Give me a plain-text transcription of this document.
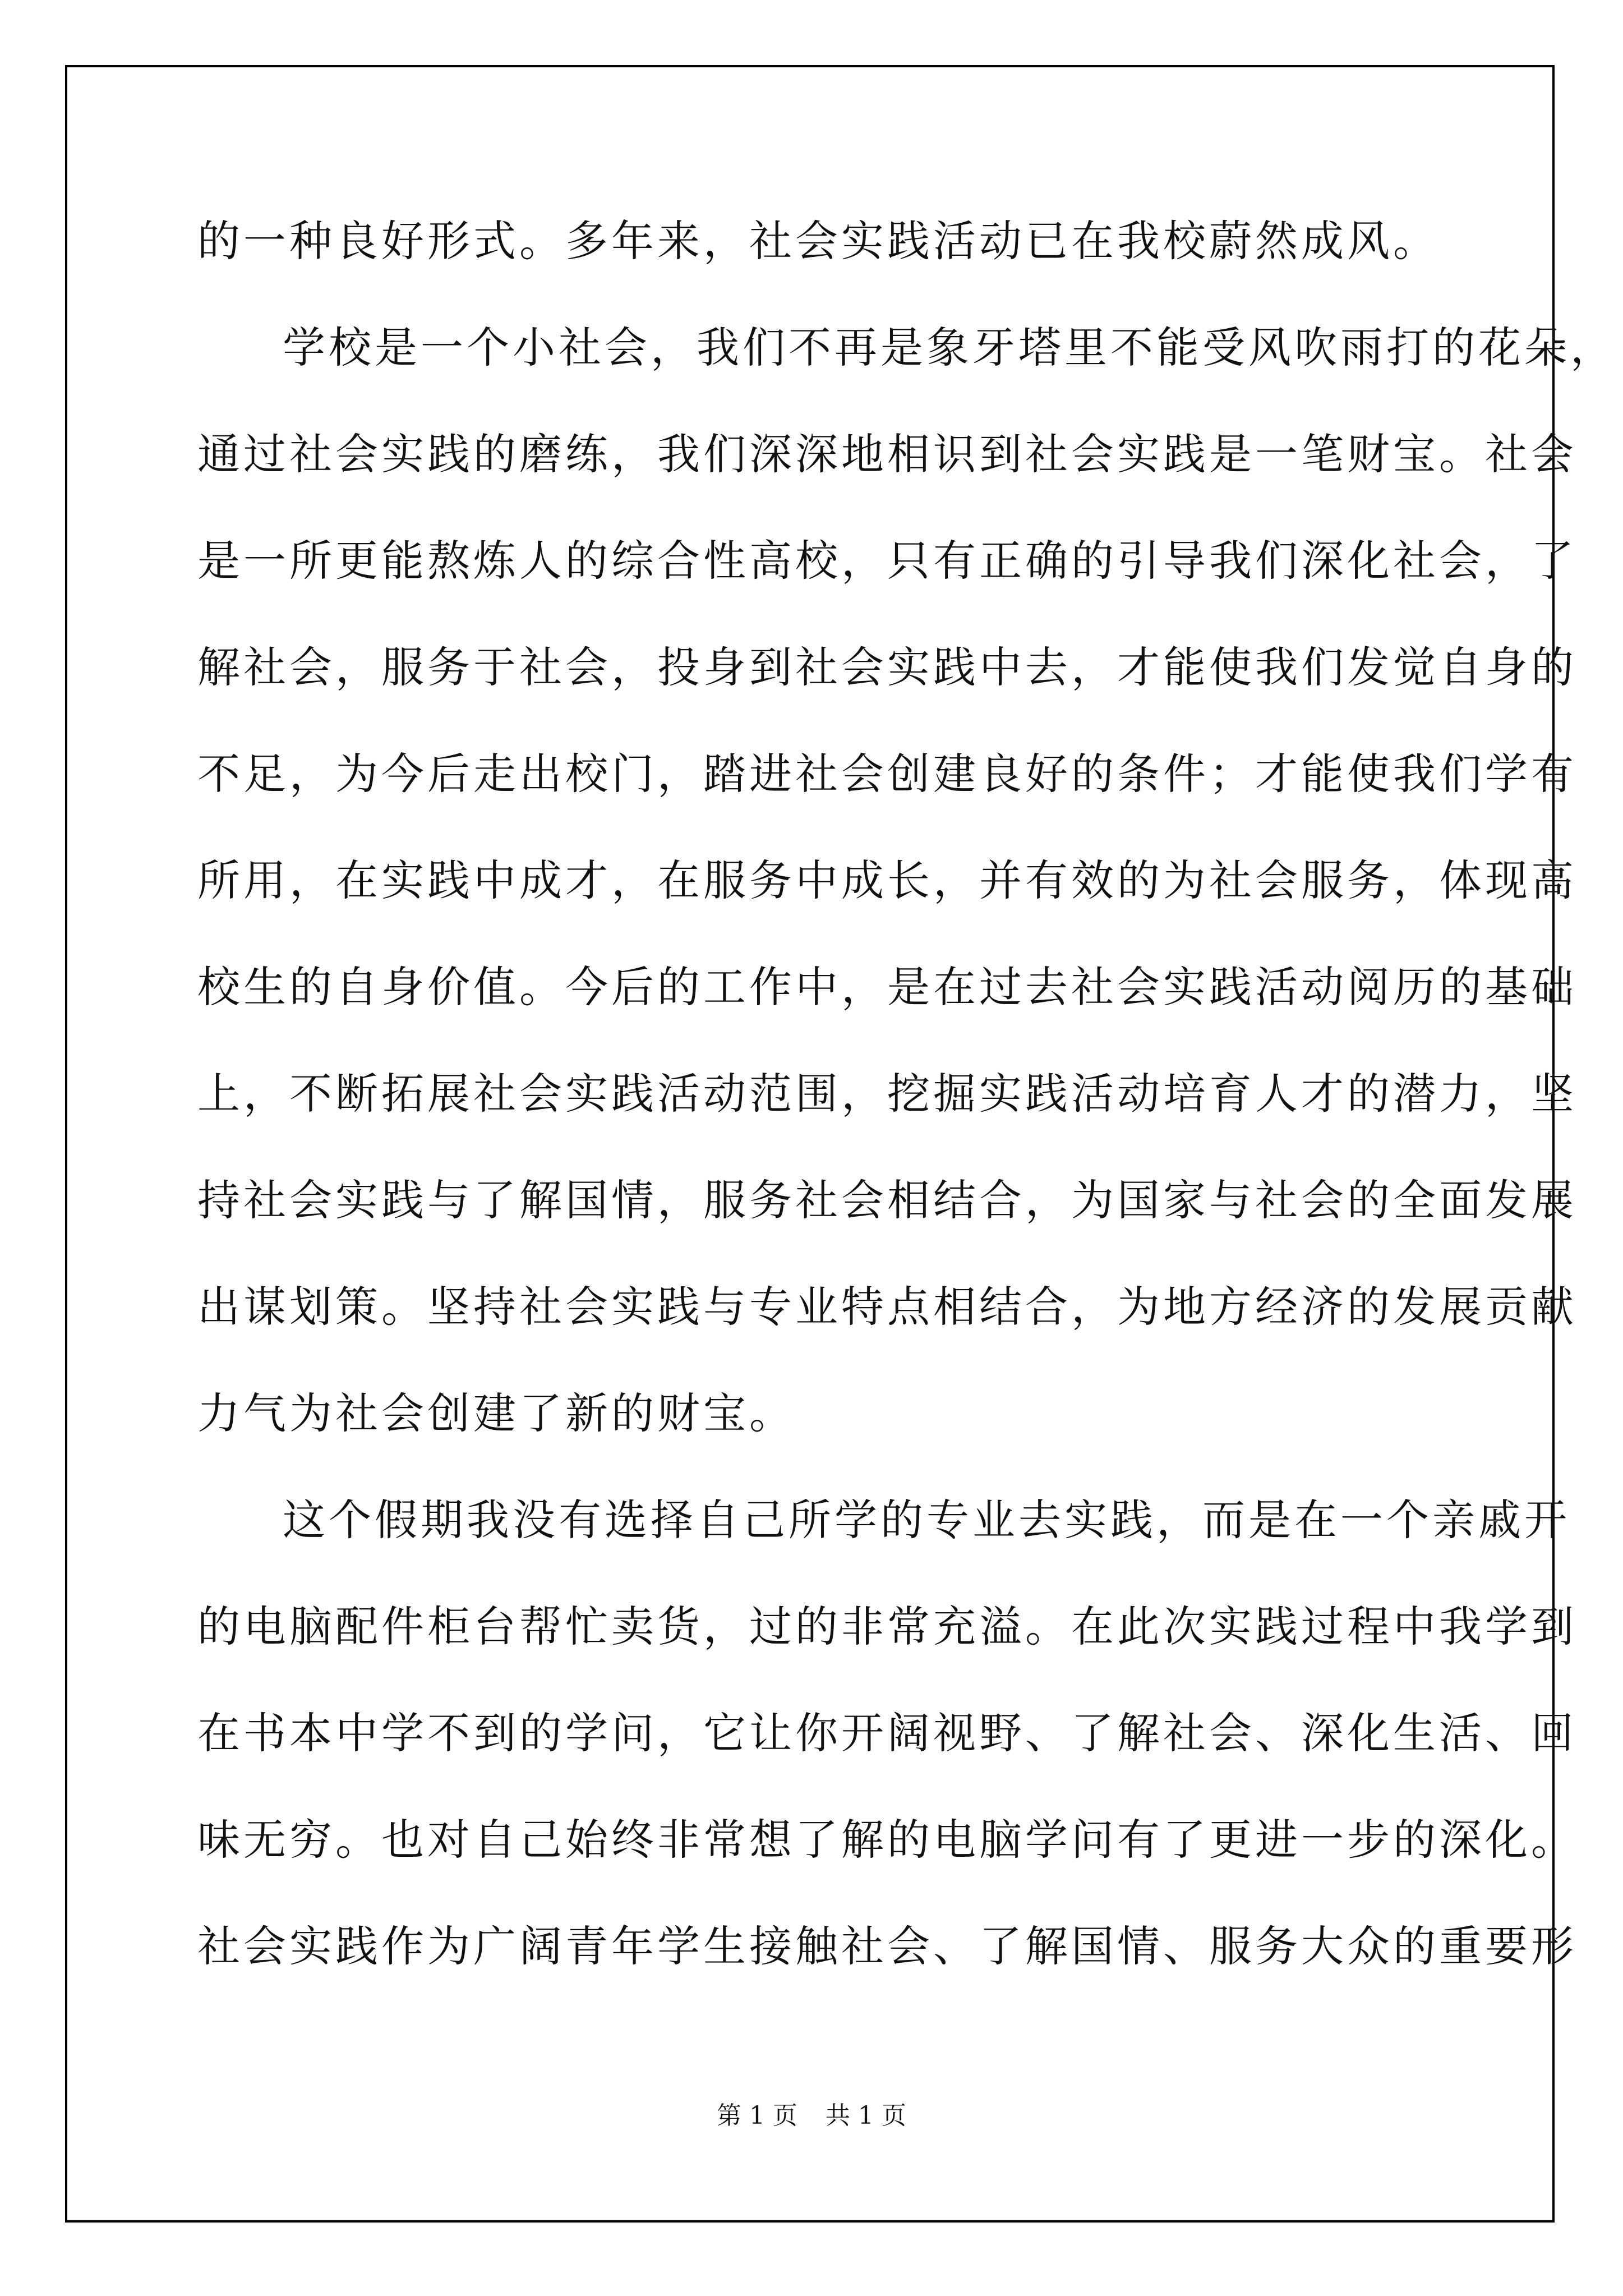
的一种良好形式。多年来，社会实践活动已在我校蔚然成风。
学校是一个小社会，我们不再是象牙塔里不能受风吹雨打的花朵，
通过社会实践的磨练，我们深深地相识到社会实践是一笔财宝。社会
是一所更能熬炼人的综合性高校，只有正确的引导我们深化社会，了
解社会，服务于社会，投身到社会实践中去，才能使我们发觉自身的
不足，为今后走出校门，踏进社会创建良好的条件；才能使我们学有
所用，在实践中成才，在服务中成长，并有效的为社会服务，体现高
校生的自身价值。今后的工作中，是在过去社会实践活动阅历的基础
上，不断拓展社会实践活动范围，挖掘实践活动培育人才的潜力，坚
持社会实践与了解国情，服务社会相结合，为国家与社会的全面发展
出谋划策。坚持社会实践与专业特点相结合，为地方经济的发展贡献
力气为社会创建了新的财宝。
这个假期我没有选择自己所学的专业去实践，而是在一个亲戚开
的电脑配件柜台帮忙卖货，过的非常充溢。在此次实践过程中我学到
在书本中学不到的学问，它让你开阔视野、了解社会、深化生活、回
味无穷。也对自己始终非常想了解的电脑学问有了更进一步的深化。
社会实践作为广阔青年学生接触社会、了解国情、服务大众的重要形
第 1 页 共 1 页
